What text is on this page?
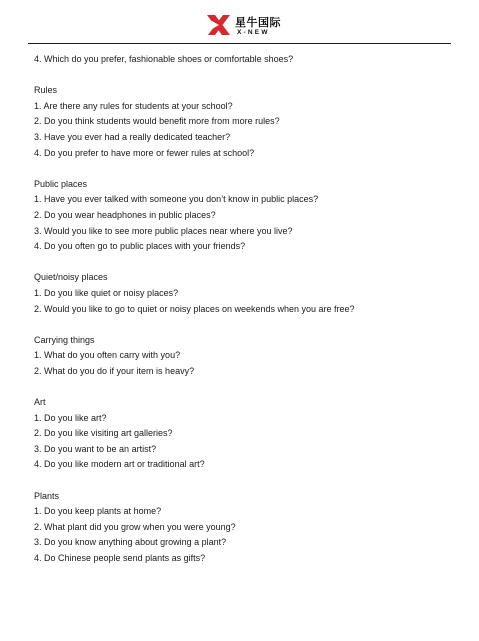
星牛国际
X-NEW
4. Which do you prefer, fashionable shoes or comfortable shoes?
Rules
1. Are there any rules for students at your school?
2. Do you think students would benefit more from more rules?
3. Have you ever had a really dedicated teacher?
4. Do you prefer to have more or fewer rules at school?
Public places
1. Have you ever talked with someone you don’t know in public places?
2. Do you wear headphones in public places?
3. Would you like to see more public places near where you live?
4. Do you often go to public places with your friends?
Quiet/noisy places
1. Do you like quiet or noisy places?
2. Would you like to go to quiet or noisy places on weekends when you are free?
Carrying things
1. What do you often carry with you?
2. What do you do if your item is heavy?
Art
1. Do you like art?
2. Do you like visiting art galleries?
3. Do you want to be an artist?
4. Do you like modern art or traditional art?
Plants
1. Do you keep plants at home?
2. What plant did you grow when you were young?
3. Do you know anything about growing a plant?
4. Do Chinese people send plants as gifts?
